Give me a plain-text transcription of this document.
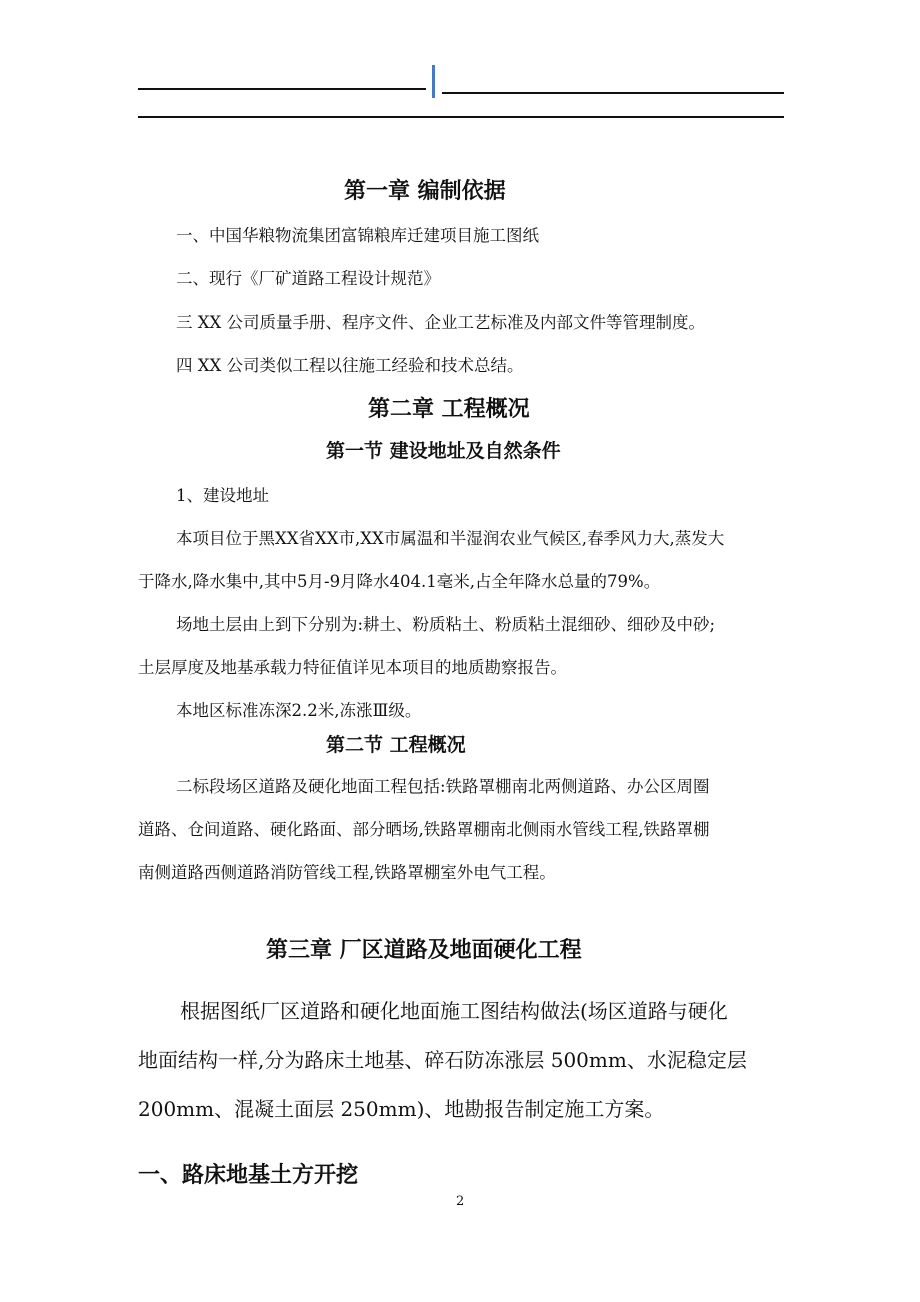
第一章 编制依据
一、中国华粮物流集团富锦粮库迁建项目施工图纸
二、现行《厂矿道路工程设计规范》
三 XX 公司质量手册、程序文件、企业工艺标准及内部文件等管理制度。
四 XX 公司类似工程以往施工经验和技术总结。
第二章 工程概况
第一节 建设地址及自然条件
1、建设地址
本项目位于黑XX省XX市,XX市属温和半湿润农业气候区,春季风力大,蒸发大
于降水,降水集中,其中5月-9月降水404.1毫米,占全年降水总量的79%。
场地土层由上到下分别为:耕土、粉质粘土、粉质粘土混细砂、细砂及中砂;
土层厚度及地基承载力特征值详见本项目的地质勘察报告。
本地区标准冻深2.2米,冻涨Ⅲ级。
第二节 工程概况
二标段场区道路及硬化地面工程包括:铁路罩棚南北两侧道路、办公区周圈
道路、仓间道路、硬化路面、部分晒场,铁路罩棚南北侧雨水管线工程,铁路罩棚
南侧道路西侧道路消防管线工程,铁路罩棚室外电气工程。
第三章 厂区道路及地面硬化工程
根据图纸厂区道路和硬化地面施工图结构做法(场区道路与硬化
地面结构一样,分为路床土地基、碎石防冻涨层 500mm、水泥稳定层
200mm、混凝土面层 250mm)、地勘报告制定施工方案。
一、路床地基土方开挖
2
